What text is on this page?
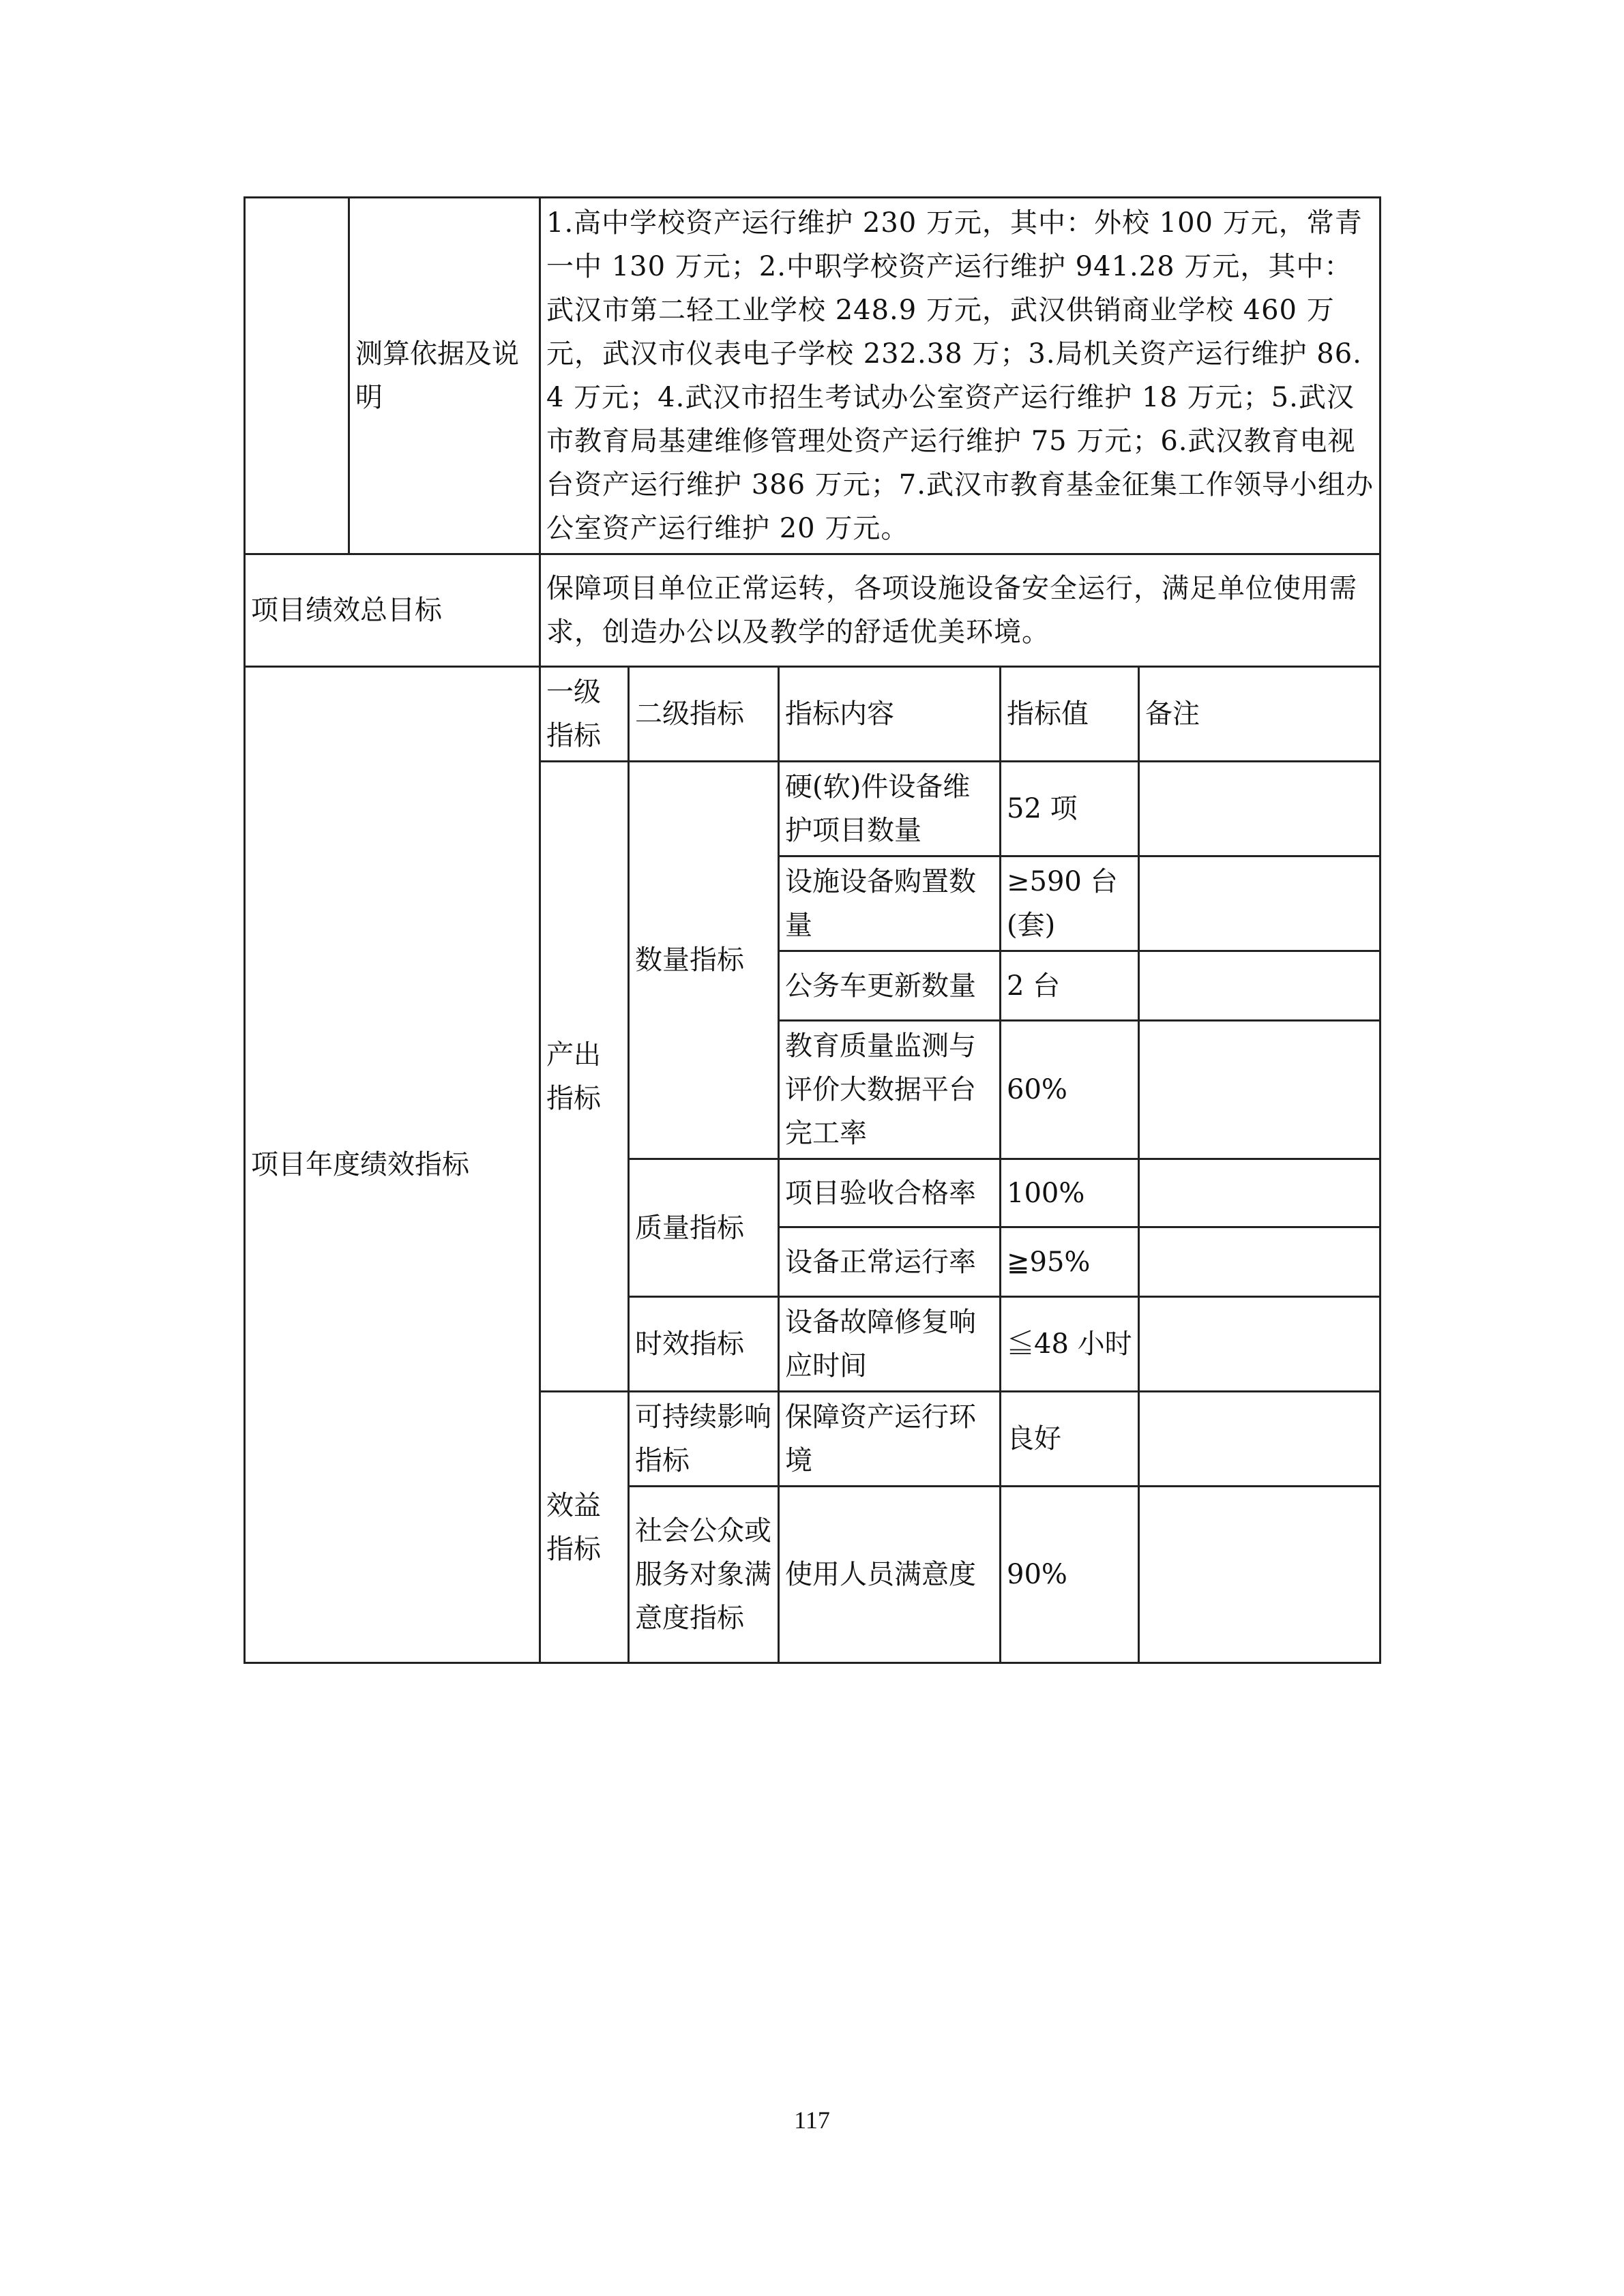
	测算依据及说明	1.高中学校资产运行维护 230 万元，其中：外校 100 万元，常青一中 130 万元；2.中职学校资产运行维护 941.28 万元，其中：武汉市第二轻工业学校 248.9 万元，武汉供销商业学校 460 万元，武汉市仪表电子学校 232.38 万；3.局机关资产运行维护 86.4 万元；4.武汉市招生考试办公室资产运行维护 18 万元；5.武汉市教育局基建维修管理处资产运行维护 75 万元；6.武汉教育电视台资产运行维护 386 万元；7.武汉市教育基金征集工作领导小组办公室资产运行维护 20 万元。				
项目绩效总目标		保障项目单位正常运转，各项设施设备安全运行，满足单位使用需求，创造办公以及教学的舒适优美环境。				
项目年度绩效指标		一级指标	二级指标	指标内容	指标值	备注
		产出指标	数量指标	硬(软)件设备维护项目数量	52 项	
				设施设备购置数量	≥590 台(套)	
				公务车更新数量	2 台	
				教育质量监测与评价大数据平台完工率	60%	
			质量指标	项目验收合格率	100%	
				设备正常运行率	≧95%	
			时效指标	设备故障修复响应时间	≦48 小时	
		效益指标	可持续影响指标	保障资产运行环境	良好	
			社会公众或服务对象满意度指标	使用人员满意度	90%	
117
